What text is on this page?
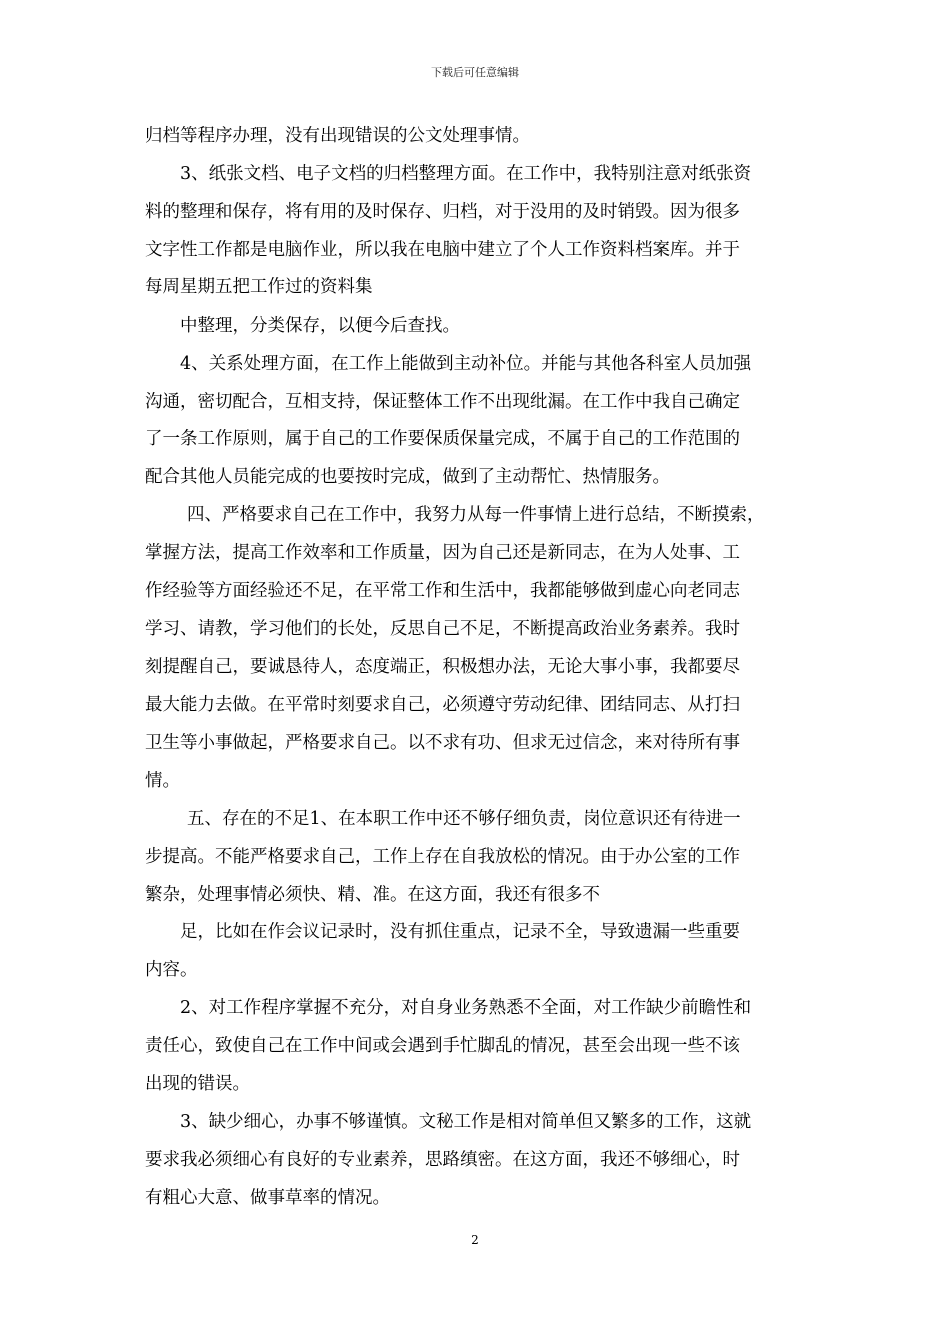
下载后可任意编辑
归档等程序办理，没有出现错误的公文处理事情。
3、纸张文档、电子文档的归档整理方面。在工作中，我特别注意对纸张资
料的整理和保存，将有用的及时保存、归档，对于没用的及时销毁。因为很多
文字性工作都是电脑作业，所以我在电脑中建立了个人工作资料档案库。并于
每周星期五把工作过的资料集
中整理，分类保存，以便今后查找。
4、关系处理方面，在工作上能做到主动补位。并能与其他各科室人员加强
沟通，密切配合，互相支持，保证整体工作不出现纰漏。在工作中我自己确定
了一条工作原则，属于自己的工作要保质保量完成，不属于自己的工作范围的
配合其他人员能完成的也要按时完成，做到了主动帮忙、热情服务。
四、严格要求自己在工作中，我努力从每一件事情上进行总结，不断摸索，
掌握方法，提高工作效率和工作质量，因为自己还是新同志，在为人处事、工
作经验等方面经验还不足，在平常工作和生活中，我都能够做到虚心向老同志
学习、请教，学习他们的长处，反思自己不足，不断提高政治业务素养。我时
刻提醒自己，要诚恳待人，态度端正，积极想办法，无论大事小事，我都要尽
最大能力去做。在平常时刻要求自己，必须遵守劳动纪律、团结同志、从打扫
卫生等小事做起，严格要求自己。以不求有功、但求无过信念，来对待所有事
情。
五、存在的不足1、在本职工作中还不够仔细负责，岗位意识还有待进一
步提高。不能严格要求自己，工作上存在自我放松的情况。由于办公室的工作
繁杂，处理事情必须快、精、准。在这方面，我还有很多不
足，比如在作会议记录时，没有抓住重点，记录不全，导致遗漏一些重要
内容。
2、对工作程序掌握不充分，对自身业务熟悉不全面，对工作缺少前瞻性和
责任心，致使自己在工作中间或会遇到手忙脚乱的情况，甚至会出现一些不该
出现的错误。
3、缺少细心，办事不够谨慎。文秘工作是相对简单但又繁多的工作，这就
要求我必须细心有良好的专业素养，思路缜密。在这方面，我还不够细心，时
有粗心大意、做事草率的情况。
2
